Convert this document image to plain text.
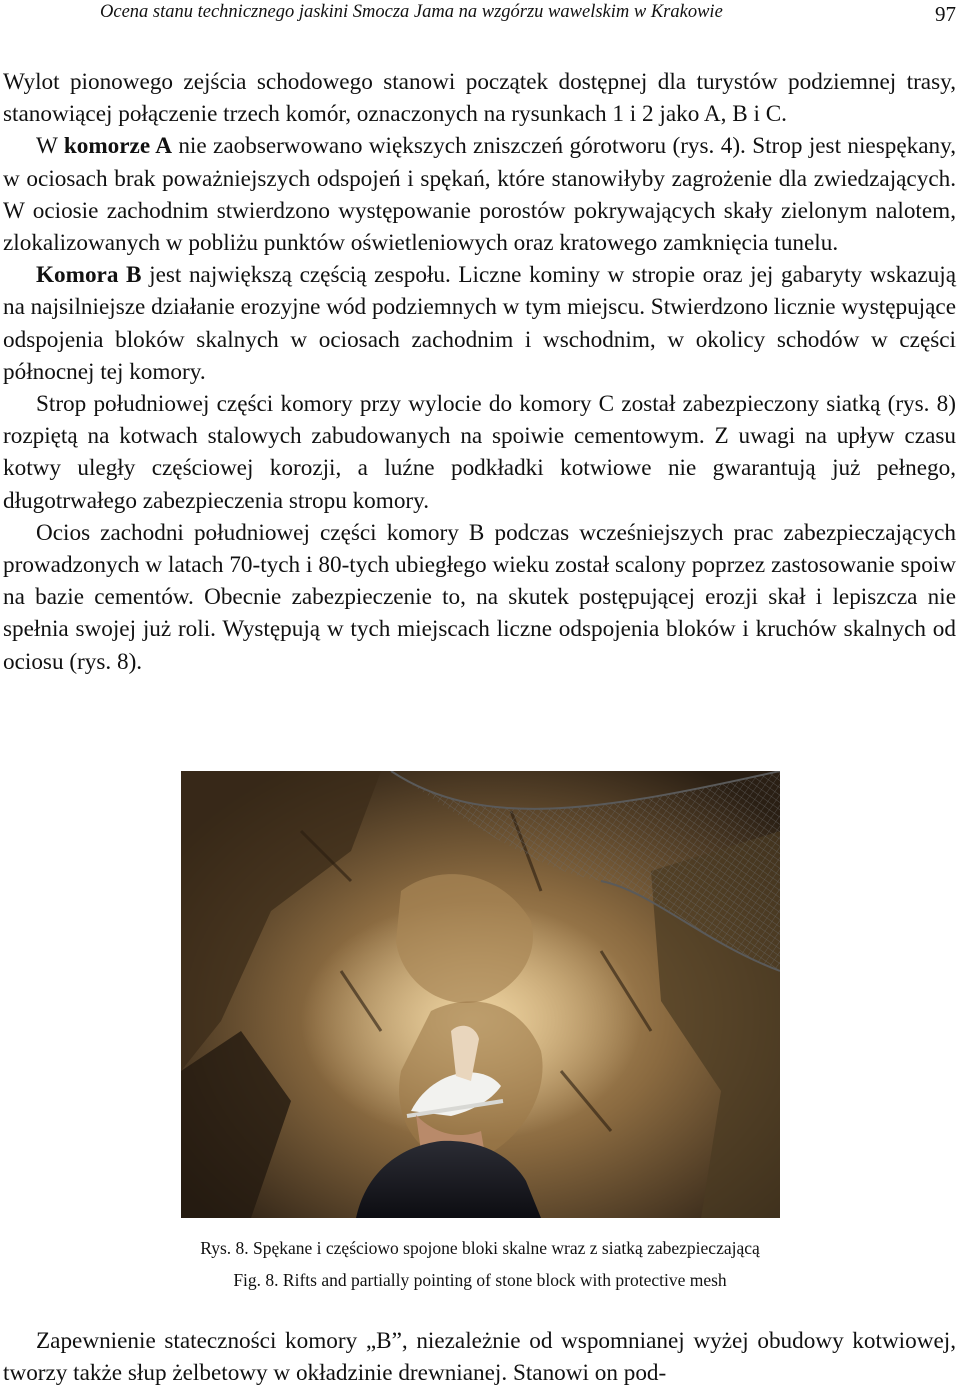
Ocena stanu technicznego jaskini Smocza Jama na wzgórzu wawelskim w Krakowie	97

Wylot pionowego zejścia schodowego stanowi początek dostępnej dla turystów podziemnej trasy, stanowiącej połączenie trzech komór, oznaczonych na rysunkach 1 i 2 jako A, B i C.

W komorze A nie zaobserwowano większych zniszczeń górotworu (rys. 4). Strop jest niespękany, w ociosach brak poważniejszych odspojeń i spękań, które stanowiłyby zagrożenie dla zwiedzających. W ociosie zachodnim stwierdzono występowanie porostów pokrywających skały zielonym nalotem, zlokalizowanych w pobliżu punktów oświetleniowych oraz kratowego zamknięcia tunelu.

Komora B jest największą częścią zespołu. Liczne kominy w stropie oraz jej gabaryty wskazują na najsilniejsze działanie erozyjne wód podziemnych w tym miejscu. Stwierdzono licznie występujące odspojenia bloków skalnych w ociosach zachodnim i wschodnim, w okolicy schodów w części północnej tej komory.

Strop południowej części komory przy wylocie do komory C został zabezpieczony siatką (rys. 8) rozpiętą na kotwach stalowych zabudowanych na spoiwie cementowym. Z uwagi na upływ czasu kotwy uległy częściowej korozji, a luźne podkładki kotwiowe nie gwarantują już pełnego, długotrwałego zabezpieczenia stropu komory.

Ocios zachodni południowej części komory B podczas wcześniejszych prac zabezpieczających prowadzonych w latach 70-tych i 80-tych ubiegłego wieku został scalony poprzez zastosowanie spoiw na bazie cementów. Obecnie zabezpieczenie to, na skutek postępującej erozji skał i lepiszcza nie spełnia swojej już roli. Występują w tych miejscach liczne odspojenia bloków i kruchów skalnych od ociosu (rys. 8).

Rys. 8. Spękane i częściowo spojone bloki skalne wraz z siatką zabezpieczającą
Fig. 8. Rifts and partially pointing of stone block with protective mesh

Zapewnienie stateczności komory „B”, niezależnie od wspomnianej wyżej obudowy kotwiowej, tworzy także słup żelbetowy w okładzinie drewnianej. Stanowi on pod-
